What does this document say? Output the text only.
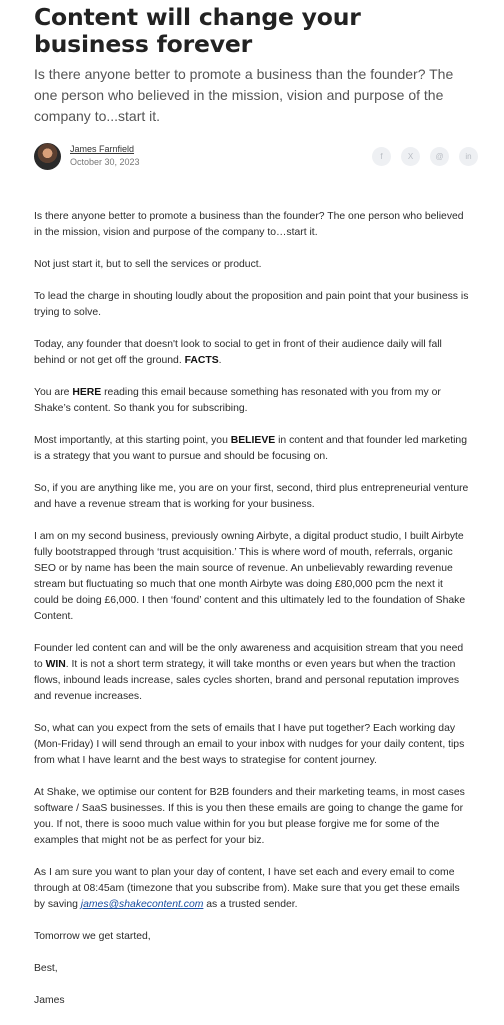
Content will change your business forever

Is there anyone better to promote a business than the founder? The one person who believed in the mission, vision and purpose of the company to...start it.

James Farnfield
October 30, 2023
f	X	@	in

Is there anyone better to promote a business than the founder? The one person who believed in the mission, vision and purpose of the company to…start it.

Not just start it, but to sell the services or product.

To lead the charge in shouting loudly about the proposition and pain point that your business is trying to solve.

Today, any founder that doesn't look to social to get in front of their audience daily will fall behind or not get off the ground. FACTS.

You are HERE reading this email because something has resonated with you from my or Shake’s content. So thank you for subscribing.

Most importantly, at this starting point, you BELIEVE in content and that founder led marketing is a strategy that you want to pursue and should be focusing on.

So, if you are anything like me, you are on your first, second, third plus entrepreneurial venture and have a revenue stream that is working for your business.

I am on my second business, previously owning Airbyte, a digital product studio, I built Airbyte fully bootstrapped through ‘trust acquisition.’ This is where word of mouth, referrals, organic SEO or by name has been the main source of revenue. An unbelievably rewarding revenue stream but fluctuating so much that one month Airbyte was doing £80,000 pcm the next it could be doing £6,000. I then ‘found’ content and this ultimately led to the foundation of Shake Content.

Founder led content can and will be the only awareness and acquisition stream that you need to WIN. It is not a short term strategy, it will take months or even years but when the traction flows, inbound leads increase, sales cycles shorten, brand and personal reputation improves and revenue increases.

So, what can you expect from the sets of emails that I have put together? Each working day (Mon-Friday) I will send through an email to your inbox with nudges for your daily content, tips from what I have learnt and the best ways to strategise for content journey.

At Shake, we optimise our content for B2B founders and their marketing teams, in most cases software / SaaS businesses. If this is you then these emails are going to change the game for you. If not, there is sooo much value within for you but please forgive me for some of the examples that might not be as perfect for your biz.

As I am sure you want to plan your day of content, I have set each and every email to come through at 08:45am (timezone that you subscribe from). Make sure that you get these emails by saving james@shakecontent.com as a trusted sender.

Tomorrow we get started,

Best,

James
